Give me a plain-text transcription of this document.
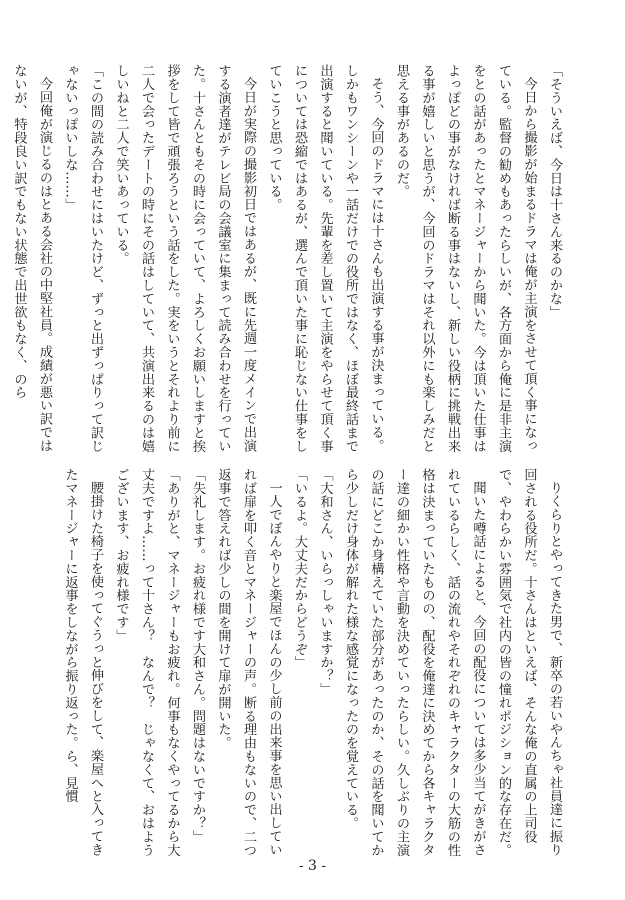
「そういえば、今日は十さん来るのかな」

今日から撮影が始まるドラマは俺が主演をさせて頂く事になっている。監督の勧めもあったらしいが、各方面から俺に是非主演をとの話があったとマネージャーから聞いた。今は頂いた仕事はよっぽどの事がなければ断る事はないし、新しい役柄に挑戦出来る事が嬉しいと思うが、今回のドラマはそれ以外にも楽しみだと思える事があるのだ。

そう、今回のドラマには十さんも出演する事が決まっている。しかもワンシーンや一話だけでの役所ではなく、ほぼ最終話まで出演すると聞いている。先輩を差し置いて主演をやらせて頂く事については恐縮ではあるが、選んで頂いた事に恥じない仕事をしていこうと思っている。

今日が実際の撮影初日ではあるが、既に先週一度メインで出演する演者達がテレビ局の会議室に集まって読み合わせを行っていた。十さんともその時に会っていて、よろしくお願いしますと挨拶をして皆で頑張ろうという話をした。実をいうとそれより前に二人で会ったデートの時にその話はしていて、共演出来るのは嬉しいねと二人で笑いあっている。

「この間の読み合わせにはいたけど、ずっと出ずっぱりって訳じゃないっぽいしな……」

今回俺が演じるのはとある会社の中堅社員。成績が悪い訳ではないが、特段良い訳でもない状態で出世欲もなく、のら

りくらりとやってきた男で、新卒の若いやんちゃ社員達に振り回される役所だ。十さんはといえば、そんな俺の直属の上司役で、やわらかい雰囲気で社内の皆の憧れポジション的な存在だ。

聞いた噂話によると、今回の配役については多少当てがきがされているらしく、話の流れやそれぞれのキャラクターの大筋の性格は決まっていたものの、配役を俺達に決めてから各キャラクター達の細かい性格や言動を決めていったらしい。久しぶりの主演の話にどこか身構えていた部分があったのか、その話を聞いてから少しだけ身体が解れた様な感覚になったのを覚えている。

「大和さん、いらっしゃいますか？」

「いるよ。大丈夫だからどうぞ」

一人でぼんやりと楽屋でほんの少し前の出来事を思い出していれば扉を叩く音とマネージャーの声。断る理由もないので、二つ返事で答えれば少しの間を開けて扉が開いた。

「失礼します。お疲れ様です大和さん。問題はないですか？」

「ありがと、マネージャーもお疲れ。何事もなくやってるから大丈夫ですよ……って十さん？　なんで？　じゃなくて、おはようございます、お疲れ様です」

腰掛けた椅子を使ってぐうっと伸びをして、楽屋へと入ってきたマネージャーに返事をしながら振り返った。ら、見慣

- 3 -
